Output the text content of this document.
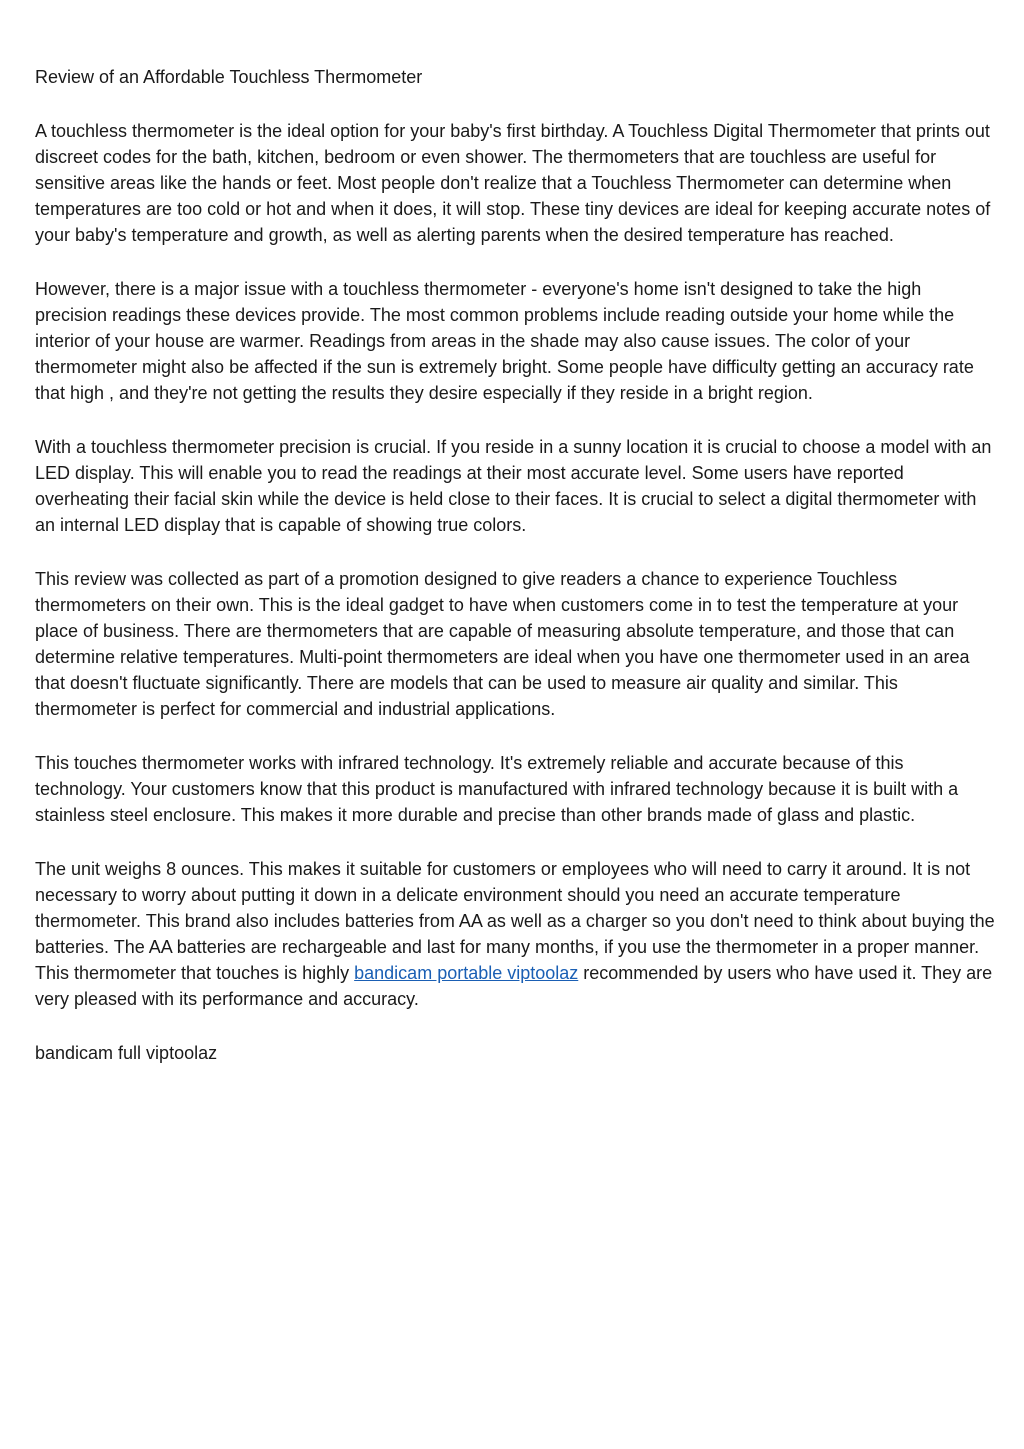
Review of an Affordable Touchless Thermometer

A touchless thermometer is the ideal option for your baby's first birthday. A Touchless Digital Thermometer that prints out discreet codes for the bath, kitchen, bedroom or even shower. The thermometers that are touchless are useful for sensitive areas like the hands or feet. Most people don't realize that a Touchless Thermometer can determine when temperatures are too cold or hot and when it does, it will stop. These tiny devices are ideal for keeping accurate notes of your baby's temperature and growth, as well as alerting parents when the desired temperature has reached.

However, there is a major issue with a touchless thermometer - everyone's home isn't designed to take the high precision readings these devices provide. The most common problems include reading outside your home while the interior of your house are warmer. Readings from areas in the shade may also cause issues. The color of your thermometer might also be affected if the sun is extremely bright. Some people have difficulty getting an accuracy rate that high , and they're not getting the results they desire especially if they reside in a bright region.

With a touchless thermometer precision is crucial. If you reside in a sunny location it is crucial to choose a model with an LED display. This will enable you to read the readings at their most accurate level. Some users have reported overheating their facial skin while the device is held close to their faces. It is crucial to select a digital thermometer with an internal LED display that is capable of showing true colors.

This review was collected as part of a promotion designed to give readers a chance to experience Touchless thermometers on their own. This is the ideal gadget to have when customers come in to test the temperature at your place of business. There are thermometers that are capable of measuring absolute temperature, and those that can determine relative temperatures. Multi-point thermometers are ideal when you have one thermometer used in an area that doesn't fluctuate significantly. There are models that can be used to measure air quality and similar. This thermometer is perfect for commercial and industrial applications.

This touches thermometer works with infrared technology. It's extremely reliable and accurate because of this technology. Your customers know that this product is manufactured with infrared technology because it is built with a stainless steel enclosure. This makes it more durable and precise than other brands made of glass and plastic.

The unit weighs 8 ounces. This makes it suitable for customers or employees who will need to carry it around. It is not necessary to worry about putting it down in a delicate environment should you need an accurate temperature thermometer. This brand also includes batteries from AA as well as a charger so you don't need to think about buying the batteries. The AA batteries are rechargeable and last for many months, if you use the thermometer in a proper manner. This thermometer that touches is highly bandicam portable viptoolaz recommended by users who have used it. They are very pleased with its performance and accuracy.

bandicam full viptoolaz
